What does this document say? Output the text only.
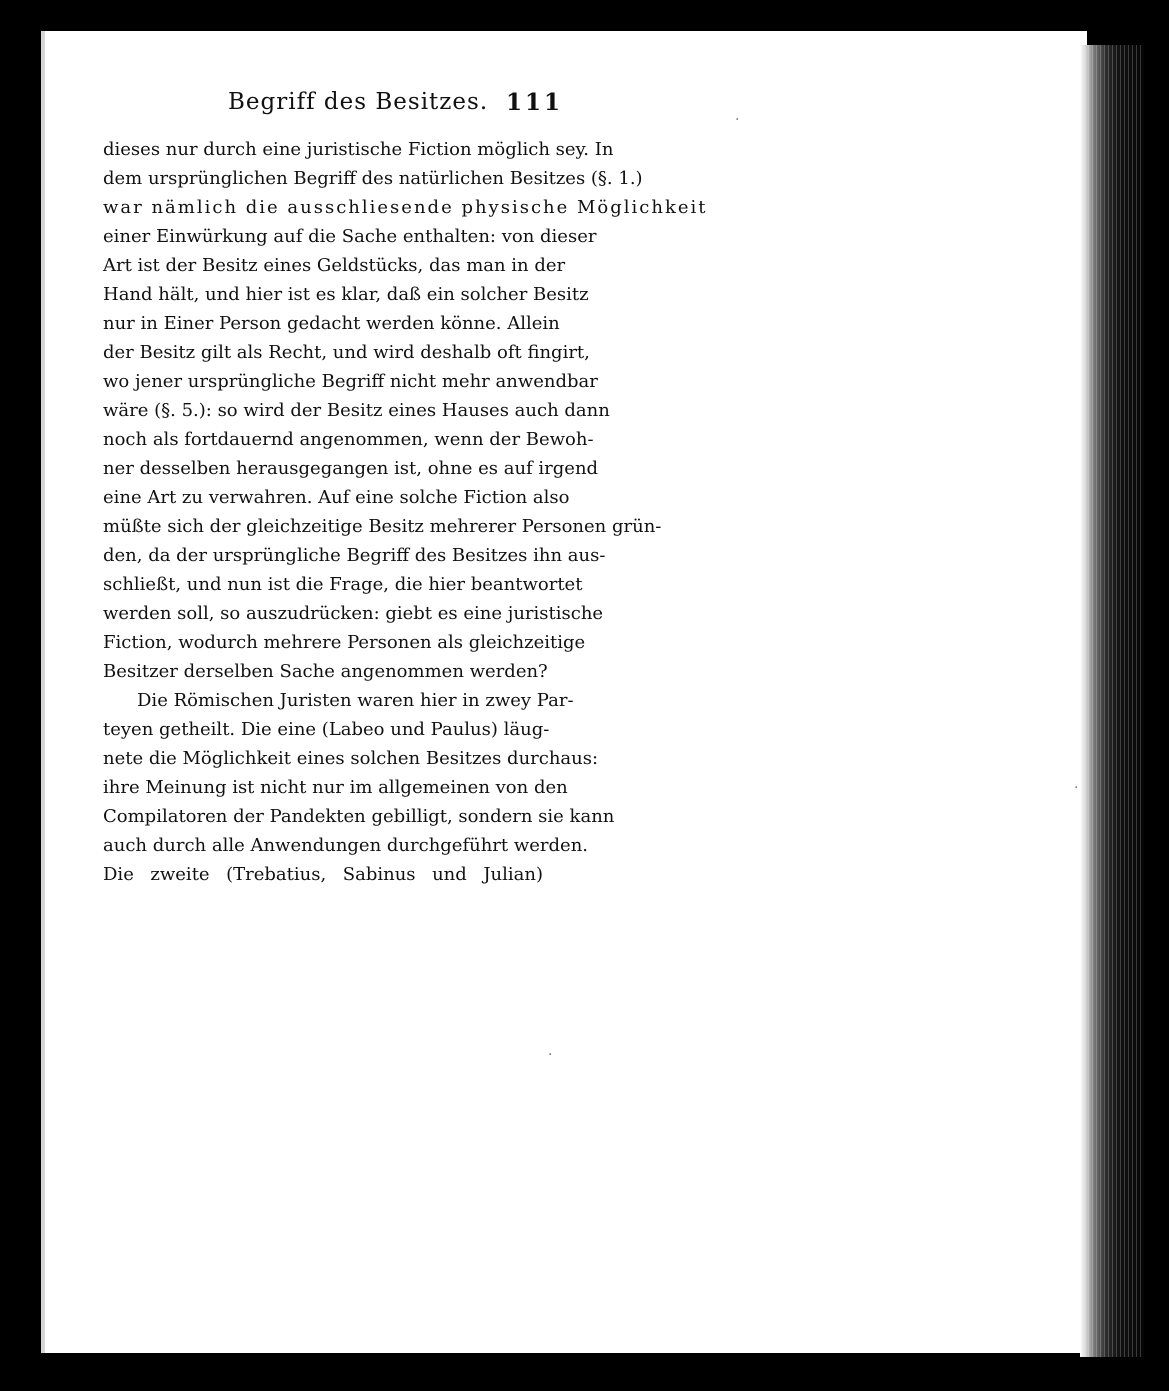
Begriff des Besitzes. 111
dieses nur durch eine juristische Fiction möglich sey. In
dem ursprünglichen Begriff des natürlichen Besitzes (§. 1.)
war nämlich die ausschliesende physische Möglichkeit
einer Einwürkung auf die Sache enthalten: von dieser
Art ist der Besitz eines Geldstücks, das man in der
Hand hält, und hier ist es klar, daß ein solcher Besitz
nur in Einer Person gedacht werden könne. Allein
der Besitz gilt als Recht, und wird deshalb oft fingirt,
wo jener ursprüngliche Begriff nicht mehr anwendbar
wäre (§. 5.): so wird der Besitz eines Hauses auch dann
noch als fortdauernd angenommen, wenn der Bewoh-
ner desselben herausgegangen ist, ohne es auf irgend
eine Art zu verwahren. Auf eine solche Fiction also
müßte sich der gleichzeitige Besitz mehrerer Personen grün-
den, da der ursprüngliche Begriff des Besitzes ihn aus-
schließt, und nun ist die Frage, die hier beantwortet
werden soll, so auszudrücken: giebt es eine juristische
Fiction, wodurch mehrere Personen als gleichzeitige
Besitzer derselben Sache angenommen werden?
Die Römischen Juristen waren hier in zwey Par-
teyen getheilt. Die eine (Labeo und Paulus) läug-
nete die Möglichkeit eines solchen Besitzes durchaus:
ihre Meinung ist nicht nur im allgemeinen von den
Compilatoren der Pandekten gebilligt, sondern sie kann
auch durch alle Anwendungen durchgeführt werden.
Die zweite (Trebatius, Sabinus und Julian)
·
·
·
